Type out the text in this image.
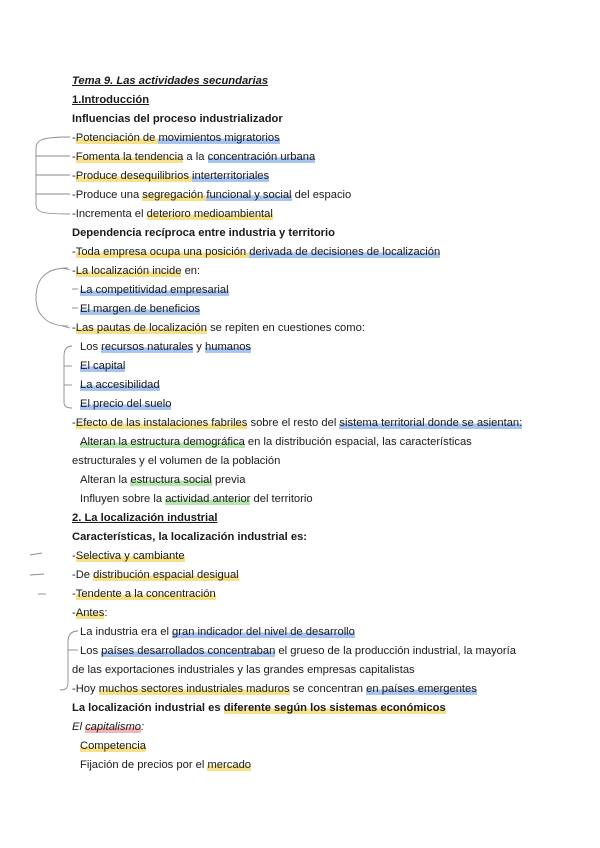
Tema 9. Las actividades secundarias
1.Introducción
Influencias del proceso industrializador
-Potenciación de movimientos migratorios
-Fomenta la tendencia a la concentración urbana
-Produce desequilibrios interterritoriales
-Produce una segregación funcional y social del espacio
-Incrementa el deterioro medioambiental
Dependencia recíproca entre industria y territorio
-Toda empresa ocupa una posición derivada de decisiones de localización
-La localización incide en:
La competitividad empresarial
El margen de beneficios
-Las pautas de localización se repiten en cuestiones como:
Los recursos naturales y humanos
El capital
La accesibilidad
El precio del suelo
-Efecto de las instalaciones fabriles sobre el resto del sistema territorial donde se asientan:
Alteran la estructura demográfica en la distribución espacial, las características
estructurales y el volumen de la población
Alteran la estructura social previa
Influyen sobre la actividad anterior del territorio
2. La localización industrial
Características, la localización industrial es:
-Selectiva y cambiante
-De distribución espacial desigual
-Tendente a la concentración
-Antes:
La industria era el gran indicador del nivel de desarrollo
Los países desarrollados concentraban el grueso de la producción industrial, la mayoría
de las exportaciones industriales y las grandes empresas capitalistas
-Hoy muchos sectores industriales maduros se concentran en países emergentes
La localización industrial es diferente según los sistemas económicos
El capitalismo:
Competencia
Fijación de precios por el mercado
